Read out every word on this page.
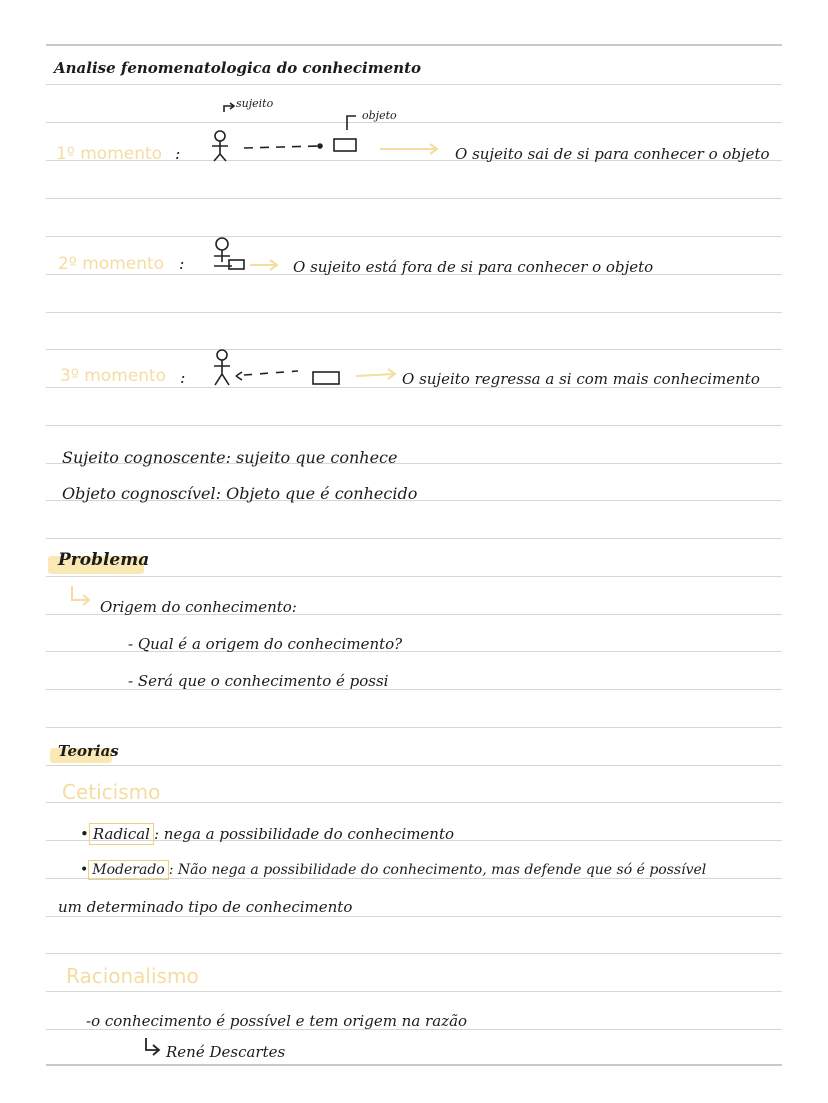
Analise fenomenatologica do conhecimento
sujeito
objeto
1º momento :	O sujeito sai de si para conhecer o objeto
2º momento :	O sujeito está fora de si para conhecer o objeto
3º momento :	O sujeito regressa a si com mais conhecimento
Sujeito cognoscente: sujeito que conhece
Objeto cognoscível: Objeto que é conhecido
Problema
Origem do conhecimento:
- Qual é a origem do conhecimento?
- Será que o conhecimento é possi
Teorias
Ceticismo
• Radical : nega a possibilidade do conhecimento
• Moderado : Não nega a possibilidade do conhecimento, mas defende que só é possível
um determinado tipo de conhecimento
Racionalismo
-o conhecimento é possível e tem origem na razão
René Descartes
